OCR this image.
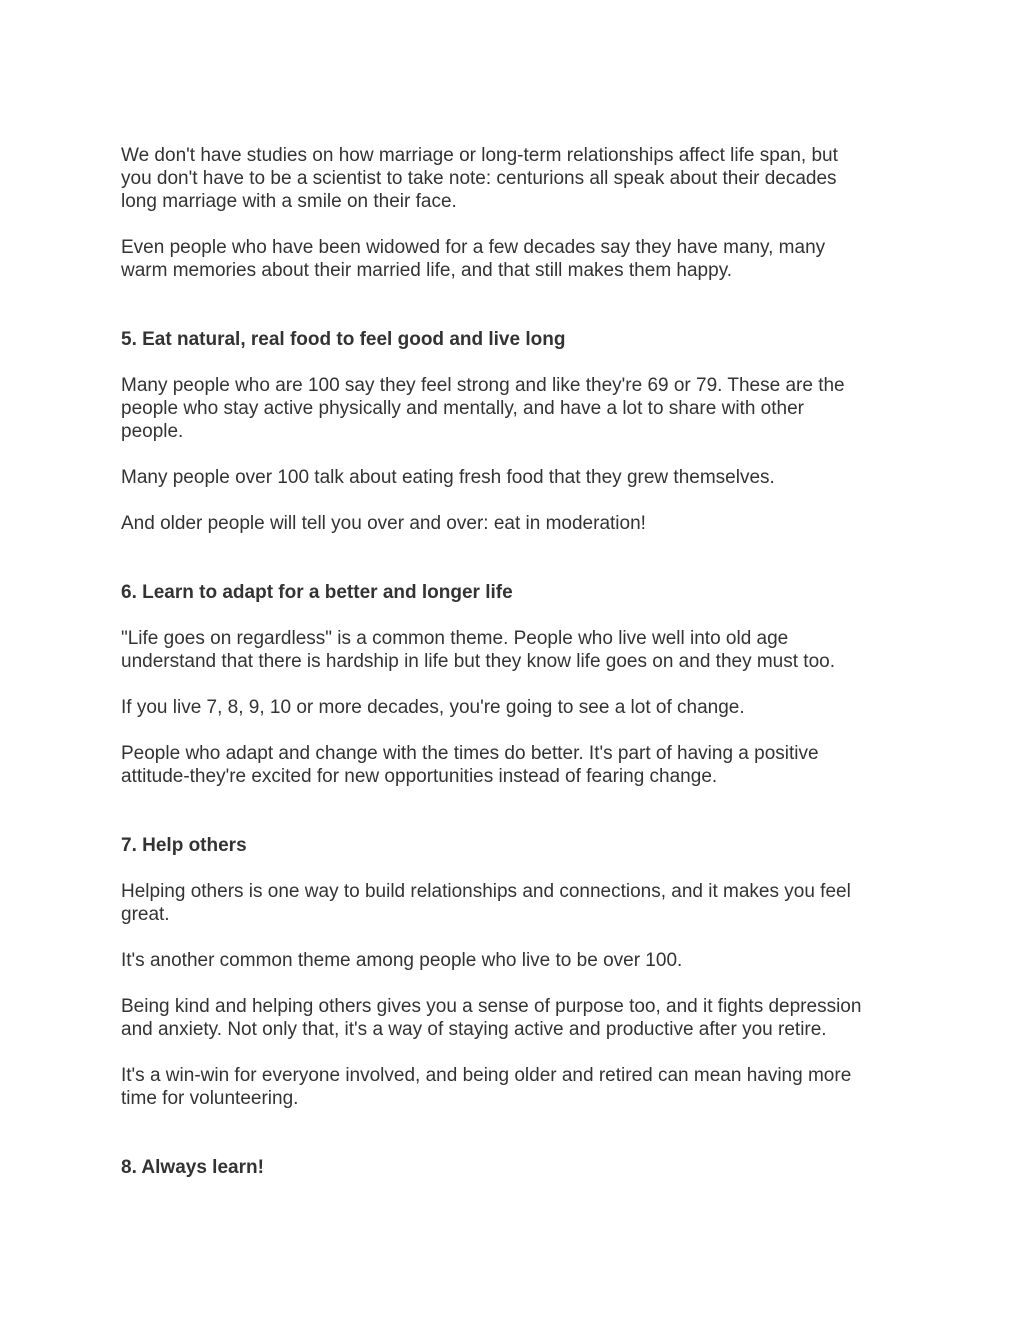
We don't have studies on how marriage or long-term relationships affect life span, but
you don't have to be a scientist to take note: centurions all speak about their decades
long marriage with a smile on their face.

Even people who have been widowed for a few decades say they have many, many
warm memories about their married life, and that still makes them happy.

5. Eat natural, real food to feel good and live long

Many people who are 100 say they feel strong and like they're 69 or 79. These are the
people who stay active physically and mentally, and have a lot to share with other
people.

Many people over 100 talk about eating fresh food that they grew themselves.

And older people will tell you over and over: eat in moderation!

6. Learn to adapt for a better and longer life

"Life goes on regardless" is a common theme. People who live well into old age
understand that there is hardship in life but they know life goes on and they must too.

If you live 7, 8, 9, 10 or more decades, you're going to see a lot of change.

People who adapt and change with the times do better. It's part of having a positive
attitude-they're excited for new opportunities instead of fearing change.

7. Help others

Helping others is one way to build relationships and connections, and it makes you feel
great.

It's another common theme among people who live to be over 100.

Being kind and helping others gives you a sense of purpose too, and it fights depression
and anxiety. Not only that, it's a way of staying active and productive after you retire.

It's a win-win for everyone involved, and being older and retired can mean having more
time for volunteering.

8. Always learn!
